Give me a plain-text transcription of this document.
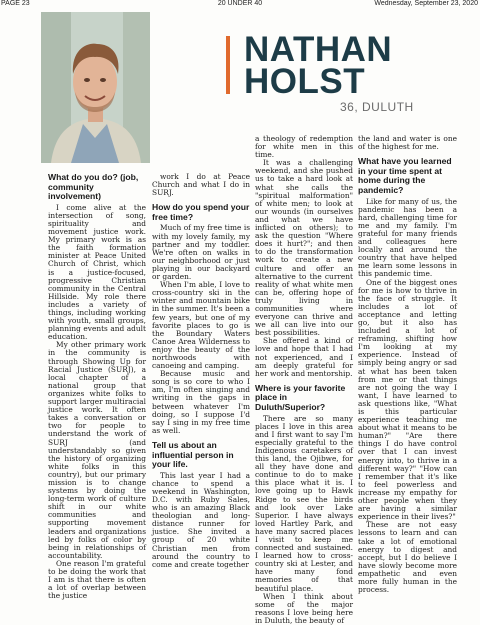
PAGE 23	20 UNDER 40	Wednesday, September 23, 2020
NATHAN
HOLST
36, DULUTH
What do you do? (job, community involvement)

I come alive at the intersection of song, spirituality and movement justice work. My primary work is as the faith formation minister at Peace United Church of Christ, which is a justice-focused, progressive Christian community in the Central Hillside. My role there includes a variety of things, including working with youth, small groups, planning events and adult education.

My other primary work in the community is through Showing Up for Racial Justice (SURJ), a local chapter of a national group that organizes white folks to support larger multiracial justice work. It often takes a conversation or two for people to understand the work of SURJ (and understandably so given the history of organizing white folks in this country), but our primary mission is to change systems by doing the long-term work of culture shift in our white communities and supporting movement leaders and organizations led by folks of color by being in relationships of accountability.

One reason I'm grateful to be doing the work that I am is that there is often a lot of overlap between the justice

work I do at Peace Church and what I do in SURJ.

How do you spend your free time?

Much of my free time is with my lovely family, my partner and my toddler. We're often on walks in our neighborhood or just playing in our backyard or garden.

When I'm able, I love to cross-country ski in the winter and mountain bike in the summer. It's been a few years, but one of my favorite places to go is the Boundary Waters Canoe Area Wilderness to enjoy the beauty of the northwoods with canoeing and camping.

Because music and song is so core to who I am, I'm often singing and writing in the gaps in between whatever I'm doing, so I suppose I'd say I sing in my free time as well.

Tell us about an influential person in your life.

This last year I had a chance to spend a weekend in Washington, D.C. with Ruby Sales, who is an amazing Black theologian and long-distance runner for justice. She invited a group of 20 white Christian men from around the country to come and create together

a theology of redemption for white men in this time.

It was a challenging weekend, and she pushed us to take a hard look at what she calls the "spiritual malformation" of white men; to look at our wounds (in ourselves and what we have inflicted on others); to ask the question "Where does it hurt?"; and then to do the transformation work to create a new culture and offer an alternative to the current reality of what white men can be, offering hope of truly living in communities where everyone can thrive and we all can live into our best possibilities.

She offered a kind of love and hope that I had not experienced, and I am deeply grateful for her work and mentorship.

Where is your favorite place in Duluth/Superior?

There are so many places I love in this area and I first want to say I'm especially grateful to the Indigenous caretakers of this land, the Ojibwe, for all they have done and continue to do to make this place what it is. I love going up to Hawk Ridge to see the birds and look over Lake Superior. I have always loved Hartley Park, and have many sacred places I visit to keep me connected and sustained. I learned how to cross-country ski at Lester, and have many fond memories of that beautiful place.

When I think about some of the major reasons I love being here in Duluth, the beauty of

the land and water is one of the highest for me.

What have you learned in your time spent at home during the pandemic?

Like for many of us, the pandemic has been a hard, challenging time for me and my family. I'm grateful for many friends and colleagues here locally and around the country that have helped me learn some lessons in this pandemic time.

One of the biggest ones for me is how to thrive in the face of struggle. It includes a lot of acceptance and letting go, but it also has included a lot of reframing, shifting how I'm looking at my experience. Instead of simply being angry or sad at what has been taken from me or that things are not going the way I want, I have learned to ask questions like, "What is this particular experience teaching me about what it means to be human?" "Are there things I do have control over that I can invest energy into, to thrive in a different way?" "How can I remember that it's like to feel powerless and increase my empathy for other people when they are having a similar experience in their lives?"

These are not easy lessons to learn and can take a lot of emotional energy to digest and accept, but I do believe I have slowly become more empathetic and even more fully human in the process.
